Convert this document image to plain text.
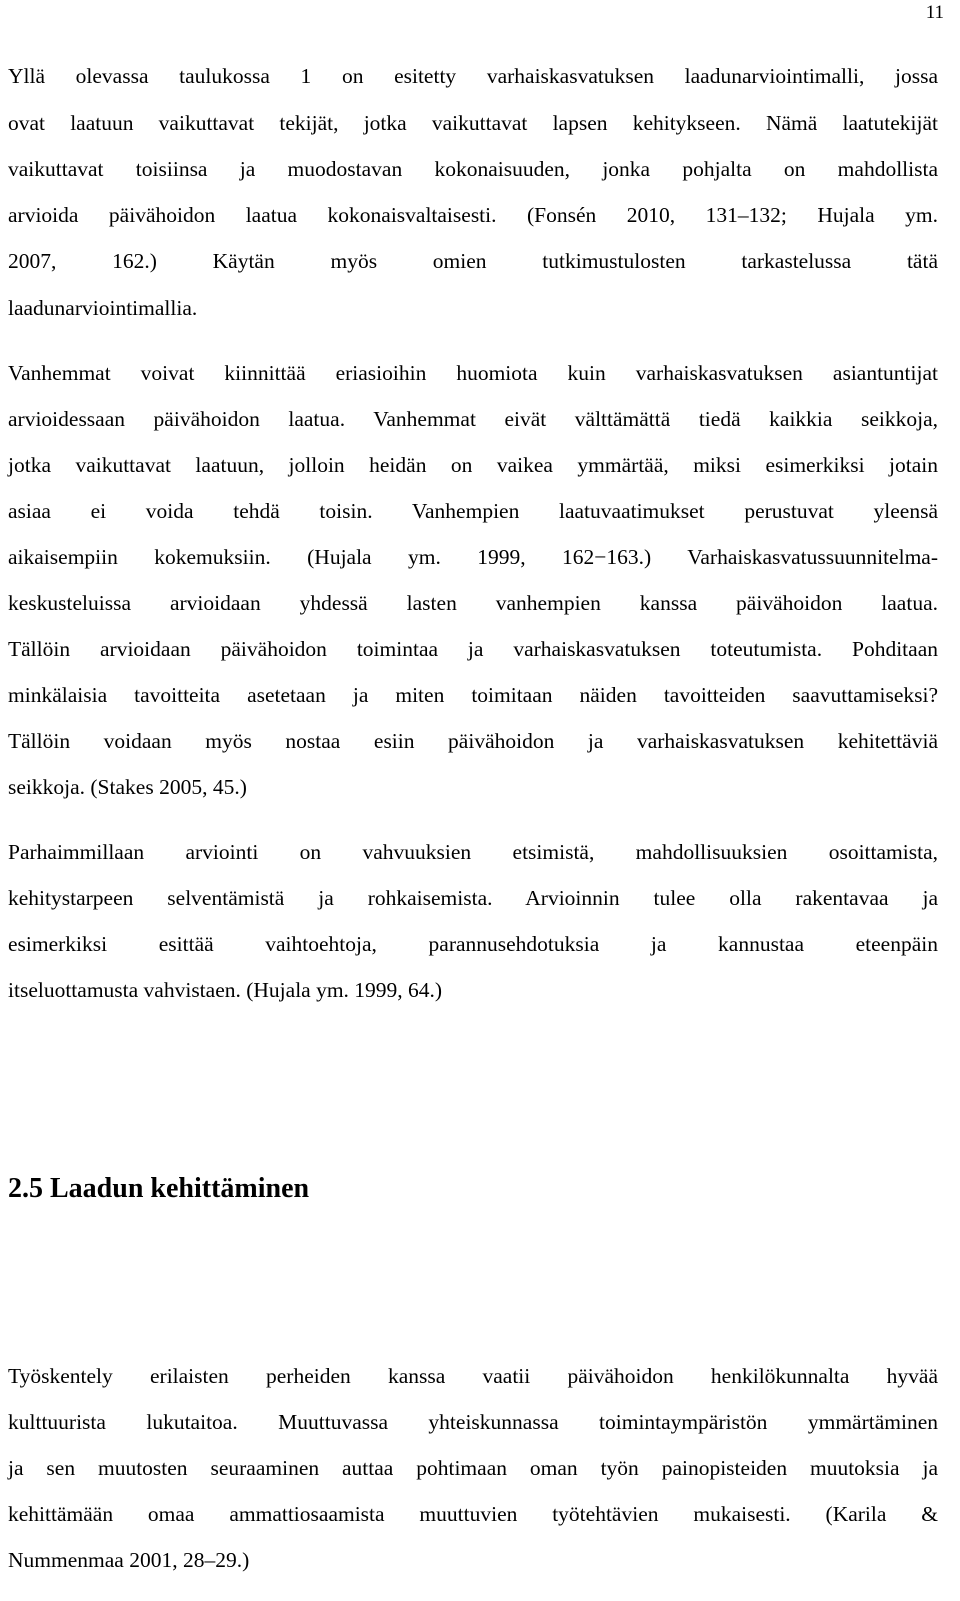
11
Yllä olevassa taulukossa 1 on esitetty varhaiskasvatuksen laadunarviointimalli, jossa
ovat laatuun vaikuttavat tekijät, jotka vaikuttavat lapsen kehitykseen. Nämä laatutekijät
vaikuttavat toisiinsa ja muodostavan kokonaisuuden, jonka pohjalta on mahdollista
arvioida päivähoidon laatua kokonaisvaltaisesti. (Fonsén 2010, 131–132; Hujala ym.
2007, 162.) Käytän myös omien tutkimustulosten tarkastelussa tätä
laadunarviointimallia.
Vanhemmat voivat kiinnittää eriasioihin huomiota kuin varhaiskasvatuksen asiantuntijat
arvioidessaan päivähoidon laatua. Vanhemmat eivät välttämättä tiedä kaikkia seikkoja,
jotka vaikuttavat laatuun, jolloin heidän on vaikea ymmärtää, miksi esimerkiksi jotain
asiaa ei voida tehdä toisin. Vanhempien laatuvaatimukset perustuvat yleensä
aikaisempiin kokemuksiin. (Hujala ym. 1999, 162−163.) Varhaiskasvatussuunnitelma-
keskusteluissa arvioidaan yhdessä lasten vanhempien kanssa päivähoidon laatua.
Tällöin arvioidaan päivähoidon toimintaa ja varhaiskasvatuksen toteutumista. Pohditaan
minkälaisia tavoitteita asetetaan ja miten toimitaan näiden tavoitteiden saavuttamiseksi?
Tällöin voidaan myös nostaa esiin päivähoidon ja varhaiskasvatuksen kehitettäviä
seikkoja. (Stakes 2005, 45.)
Parhaimmillaan arviointi on vahvuuksien etsimistä, mahdollisuuksien osoittamista,
kehitystarpeen selventämistä ja rohkaisemista. Arvioinnin tulee olla rakentavaa ja
esimerkiksi esittää vaihtoehtoja, parannusehdotuksia ja kannustaa eteenpäin
itseluottamusta vahvistaen. (Hujala ym. 1999, 64.)
2.5 Laadun kehittäminen
Työskentely erilaisten perheiden kanssa vaatii päivähoidon henkilökunnalta hyvää
kulttuurista lukutaitoa. Muuttuvassa yhteiskunnassa toimintaympäristön ymmärtäminen
ja sen muutosten seuraaminen auttaa pohtimaan oman työn painopisteiden muutoksia ja
kehittämään omaa ammattiosaamista muuttuvien työtehtävien mukaisesti. (Karila &
Nummenmaa 2001, 28–29.)
